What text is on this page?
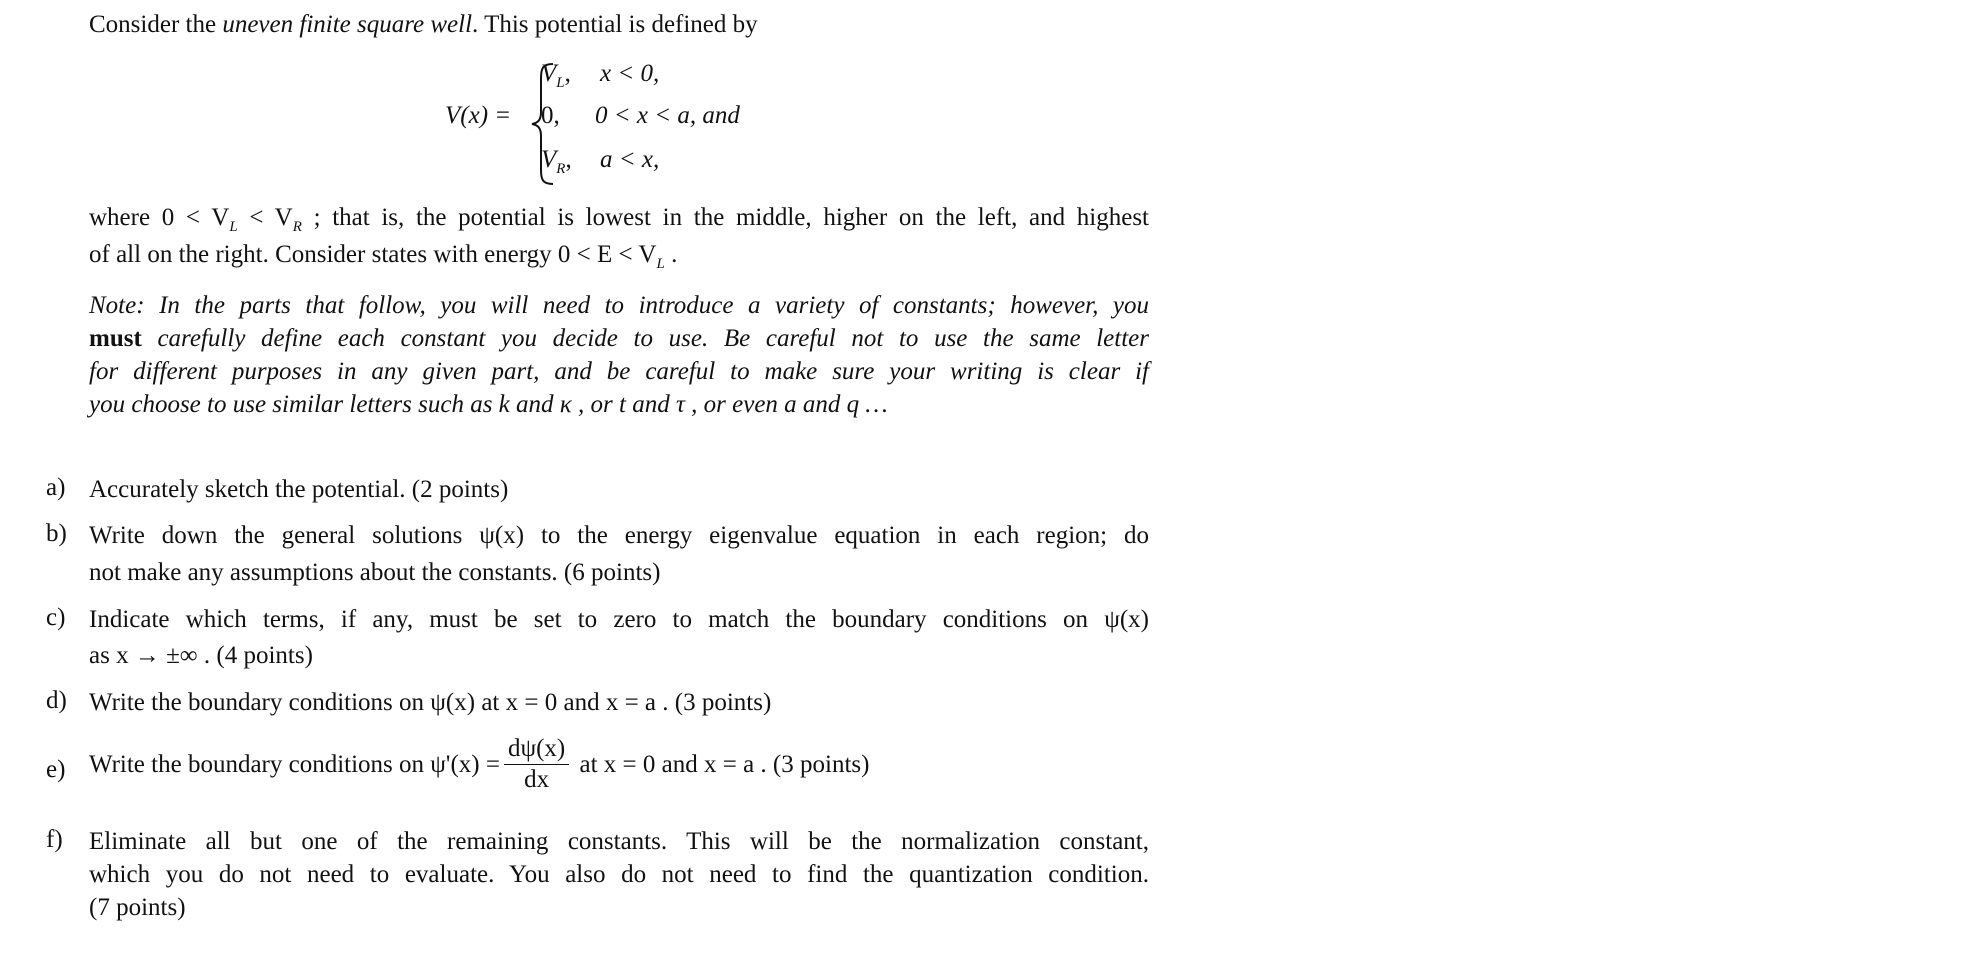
Consider the uneven finite square well. This potential is defined by
V(x) =
$V_L$, x < 0,
0, 0 < x < a, and
$V_R$, a < x,
where $0 < V_L < V_R$ ; that is, the potential is lowest in the middle, higher on the left, and highest
of all on the right. Consider states with energy $0 < E < V_L$ .
Note: In the parts that follow, you will need to introduce a variety of constants; however, you
must carefully define each constant you decide to use. Be careful not to use the same letter
for different purposes in any given part, and be careful to make sure your writing is clear if
you choose to use similar letters such as k and κ , or t and τ , or even a and q …
a) Accurately sketch the potential. (2 points)
b) Write down the general solutions ψ(x) to the energy eigenvalue equation in each region; do
not make any assumptions about the constants. (6 points)
c) Indicate which terms, if any, must be set to zero to match the boundary conditions on ψ(x)
as x → ±∞ . (4 points)
d) Write the boundary conditions on ψ(x) at x = 0 and x = a . (3 points)
e) Write the boundary conditions on $\psi'(x) = \frac{d\psi(x)}{dx}$ at x = 0 and x = a . (3 points)
f) Eliminate all but one of the remaining constants. This will be the normalization constant,
which you do not need to evaluate. You also do not need to find the quantization condition.
(7 points)
